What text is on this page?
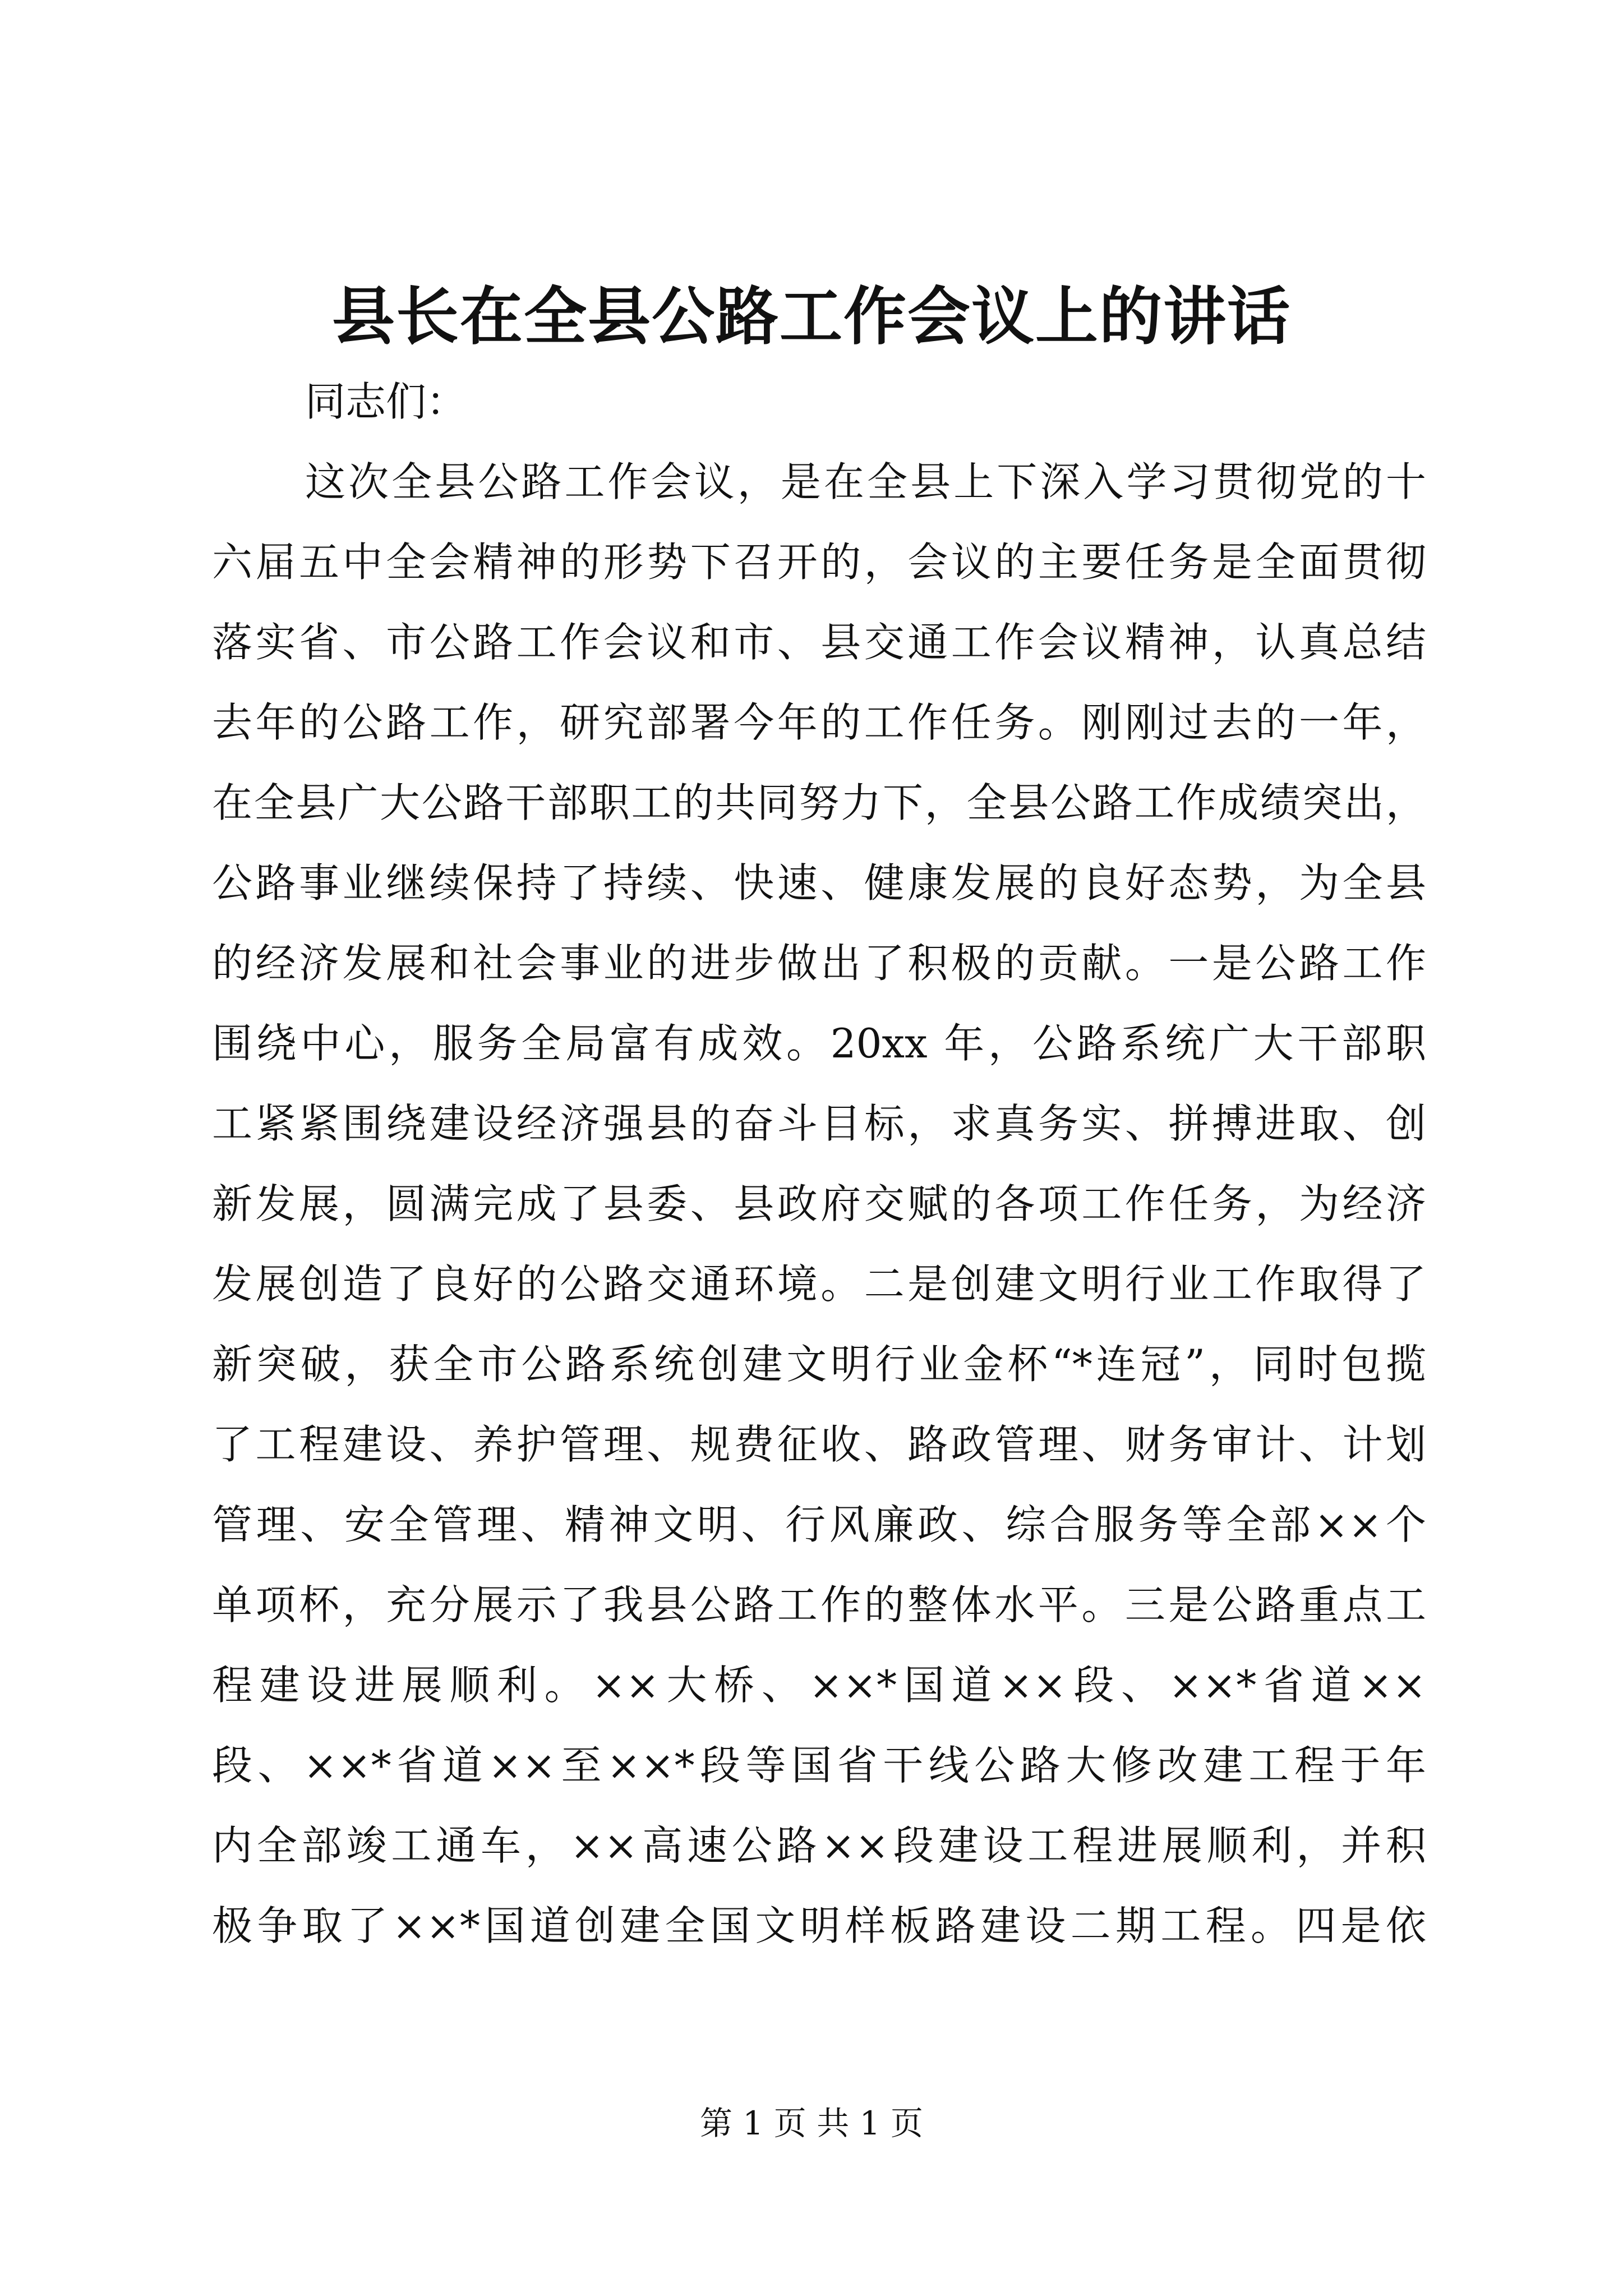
县长在全县公路工作会议上的讲话

同志们：

这次全县公路工作会议，是在全县上下深入学习贯彻党的十

六届五中全会精神的形势下召开的，会议的主要任务是全面贯彻

落实省、市公路工作会议和市、县交通工作会议精神，认真总结

去年的公路工作，研究部署今年的工作任务。刚刚过去的一年，

在全县广大公路干部职工的共同努力下，全县公路工作成绩突出，

公路事业继续保持了持续、快速、健康发展的良好态势，为全县

的经济发展和社会事业的进步做出了积极的贡献。一是公路工作

围绕中心，服务全局富有成效。20xx 年，公路系统广大干部职

工紧紧围绕建设经济强县的奋斗目标，求真务实、拼搏进取、创

新发展，圆满完成了县委、县政府交赋的各项工作任务，为经济

发展创造了良好的公路交通环境。二是创建文明行业工作取得了

新突破，获全市公路系统创建文明行业金杯“*连冠”，同时包揽

了工程建设、养护管理、规费征收、路政管理、财务审计、计划

管理、安全管理、精神文明、行风廉政、综合服务等全部××个

单项杯，充分展示了我县公路工作的整体水平。三是公路重点工

程建设进展顺利。××大桥、××*国道××段、××*省道××

段、××*省道××至××*段等国省干线公路大修改建工程于年

内全部竣工通车，××高速公路××段建设工程进展顺利，并积

极争取了××*国道创建全国文明样板路建设二期工程。四是依

第 1 页 共 1 页
